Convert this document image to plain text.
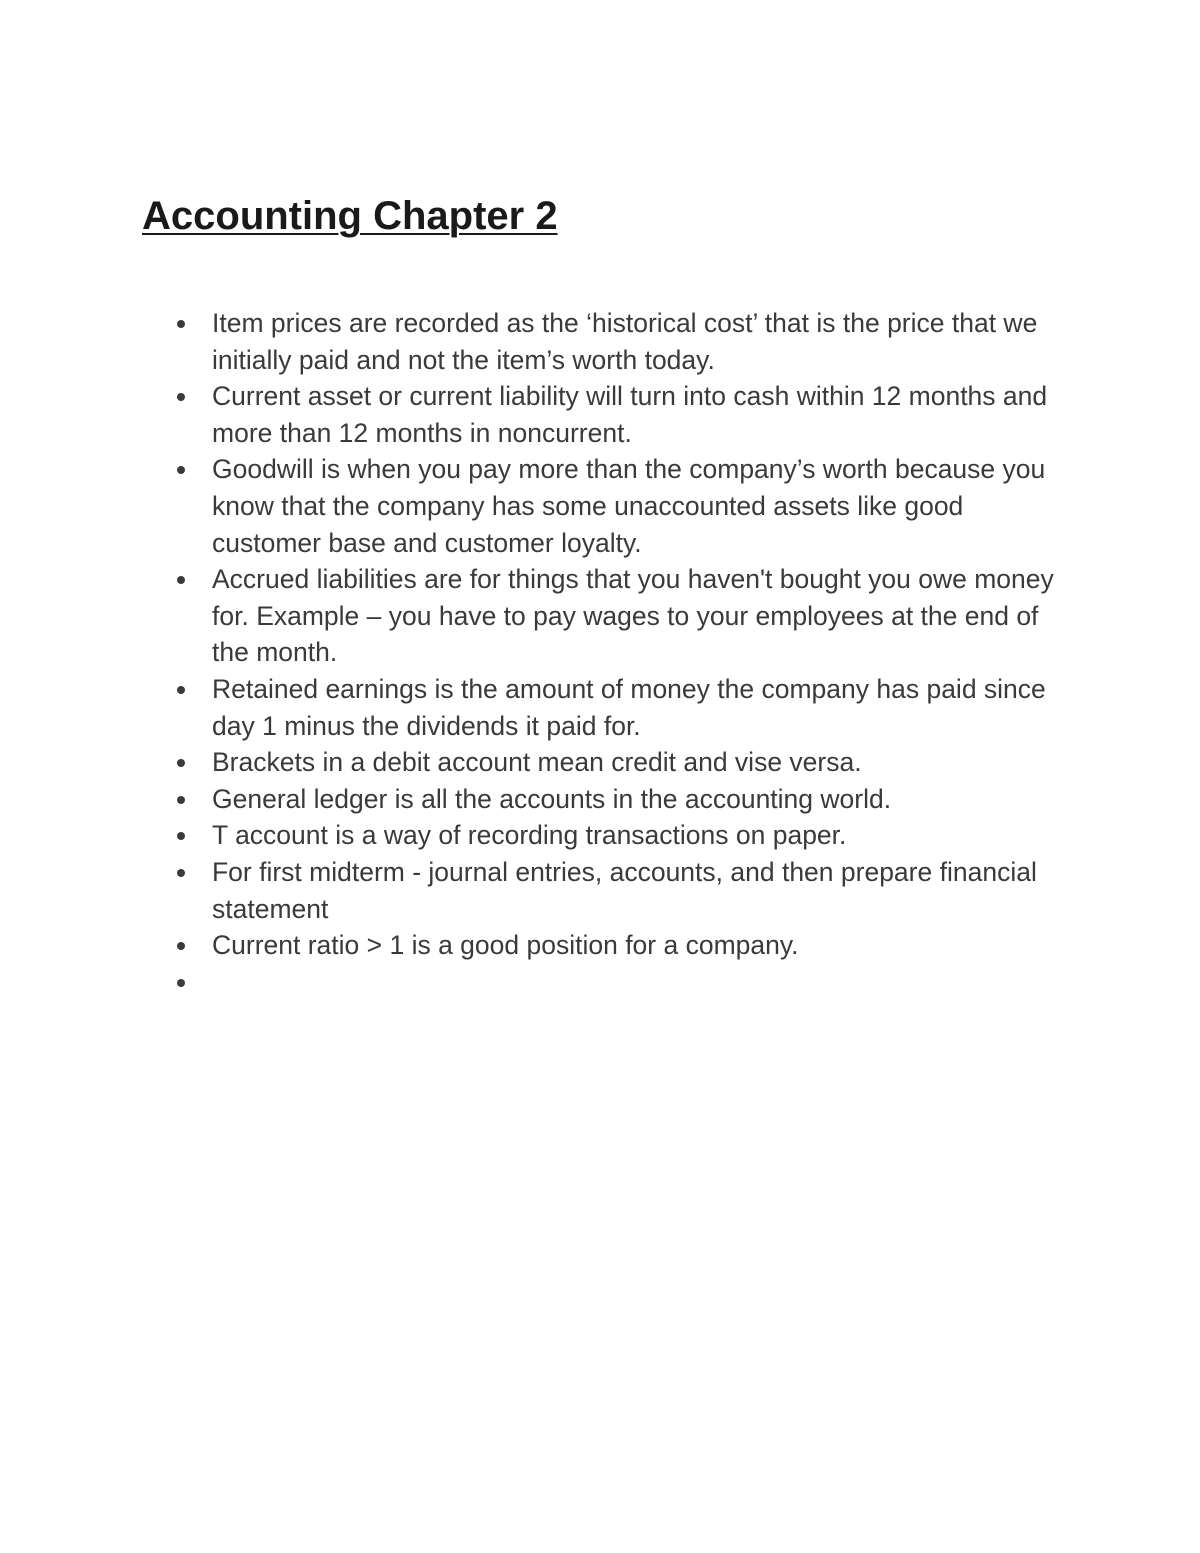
Accounting Chapter 2
Item prices are recorded as the ‘historical cost’ that is the price that we initially paid and not the item’s worth today.
Current asset or current liability will turn into cash within 12 months and more than 12 months in noncurrent.
Goodwill is when you pay more than the company’s worth because you know that the company has some unaccounted assets like good customer base and customer loyalty.
Accrued liabilities are for things that you haven't bought you owe money for. Example – you have to pay wages to your employees at the end of the month.
Retained earnings is the amount of money the company has paid since day 1 minus the dividends it paid for.
Brackets in a debit account mean credit and vise versa.
General ledger is all the accounts in the accounting world.
T account is a way of recording transactions on paper.
For first midterm - journal entries, accounts, and then prepare financial statement
Current ratio > 1 is a good position for a company.
